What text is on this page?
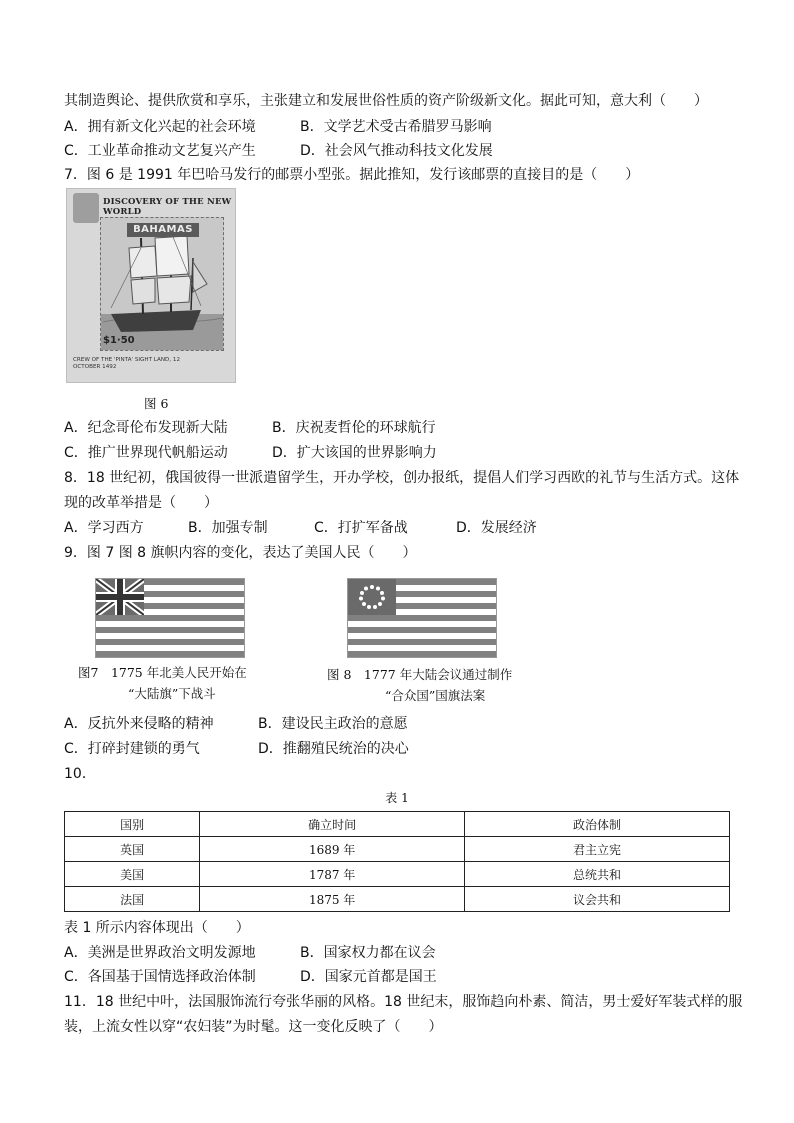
其制造舆论、提供欣赏和享乐，主张建立和发展世俗性质的资产阶级新文化。据此可知，意大利（　　）
A．拥有新文化兴起的社会环境	B．文学艺术受古希腊罗马影响
C．工业革命推动文艺复兴产生	D．社会风气推动科技文化发展
7．图 6 是 1991 年巴哈马发行的邮票小型张。据此推知，发行该邮票的直接目的是（　　）
DISCOVERY OF THE NEW WORLD
BAHAMAS
$1·50
CREW OF THE 'PINTA' SIGHT LAND, 12 OCTOBER 1492
图 6
A．纪念哥伦布发现新大陆	B．庆祝麦哲伦的环球航行
C．推广世界现代帆船运动	D．扩大该国的世界影响力
8．18 世纪初，俄国彼得一世派遣留学生，开办学校，创办报纸，提倡人们学习西欧的礼节与生活方式。这体
现的改革举措是（　　）
A．学习西方	B．加强专制	C．打扩军备战	D．发展经济
9．图 7 图 8 旗帜内容的变化，表达了美国人民（　　）
图7　1775 年北美人民开始在
“大陆旗”下战斗
图 8　1777 年大陆会议通过制作
“合众国”国旗法案
A．反抗外来侵略的精神	B．建设民主政治的意愿
C．打碎封建锁的勇气	D．推翻殖民统治的决心
10．
表 1
国别	确立时间	政治体制
英国	1689 年	君主立宪
美国	1787 年	总统共和
法国	1875 年	议会共和
表 1 所示内容体现出（　　）
A．美洲是世界政治文明发源地	B．国家权力都在议会
C．各国基于国情选择政治体制	D．国家元首都是国王
11．18 世纪中叶，法国服饰流行夸张华丽的风格。18 世纪末，服饰趋向朴素、简洁，男士爱好军装式样的服
装，上流女性以穿“农妇装”为时髦。这一变化反映了（　　）
